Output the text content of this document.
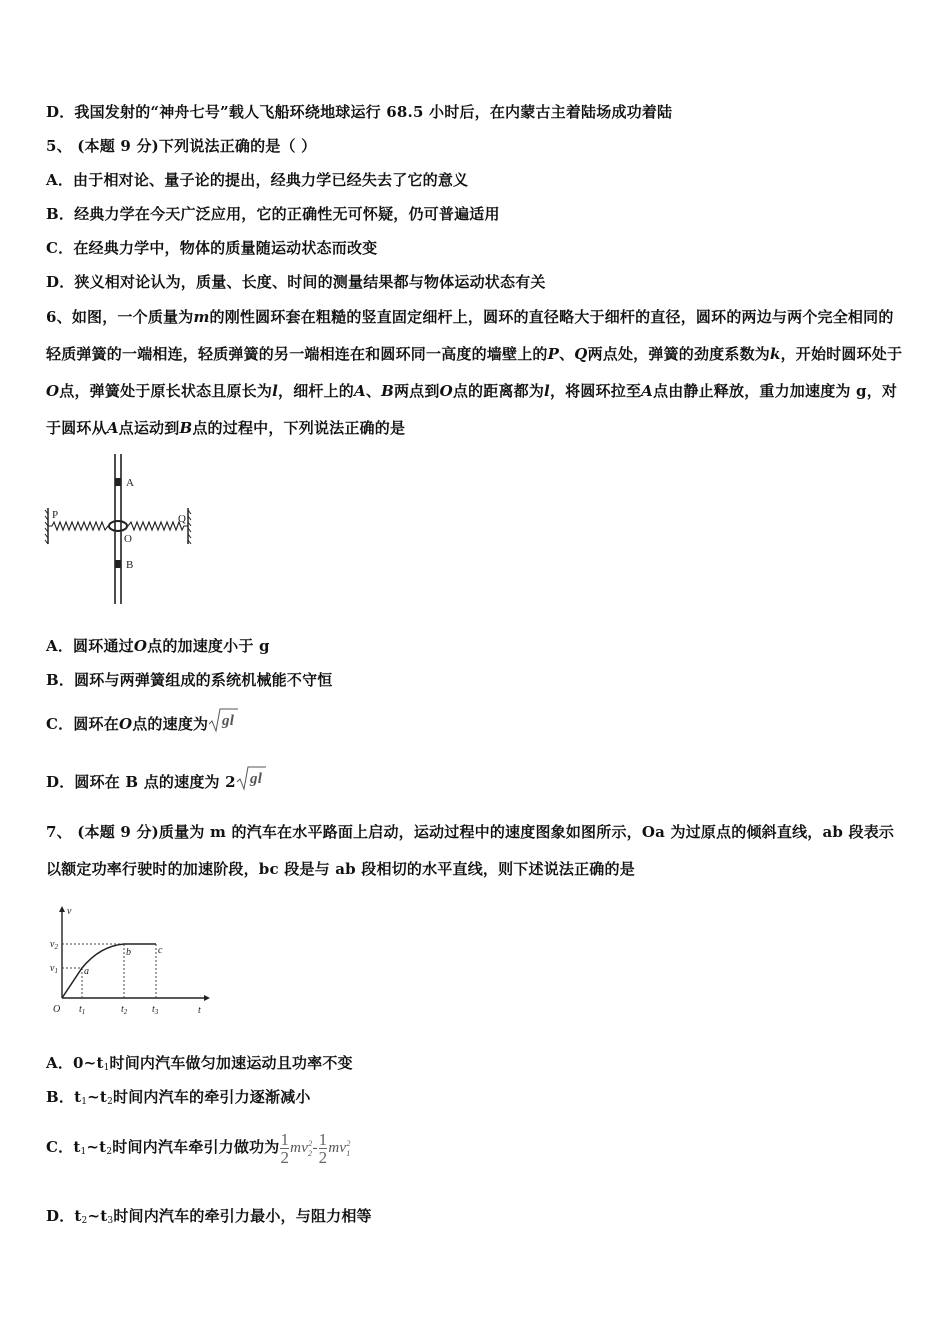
D．我国发射的“神舟七号”载人飞船环绕地球运行 68.5 小时后，在内蒙古主着陆场成功着陆
5、 (本题 9 分)下列说法正确的是（ ）
A．由于相对论、量子论的提出，经典力学已经失去了它的意义
B．经典力学在今天广泛应用，它的正确性无可怀疑，仍可普遍适用
C．在经典力学中，物体的质量随运动状态而改变
D．狭义相对论认为，质量、长度、时间的测量结果都与物体运动状态有关
6、如图，一个质量为m的刚性圆环套在粗糙的竖直固定细杆上，圆环的直径略大于细杆的直径，圆环的两边与两个完全相同的轻质弹簧的一端相连，轻质弹簧的另一端相连在和圆环同一高度的墙壁上的P、Q两点处，弹簧的劲度系数为k，开始时圆环处于O点，弹簧处于原长状态且原长为l，细杆上的A、B两点到O点的距离都为l，将圆环拉至A点由静止释放，重力加速度为 g，对于圆环从A点运动到B点的过程中，下列说法正确的是
P	Q
A
O
B
A．圆环通过O点的加速度小于 g
B．圆环与两弹簧组成的系统机械能不守恒
C．圆环在O点的速度为 gl
D．圆环在 B 点的速度为 2 gl
7、 (本题 9 分)质量为 m 的汽车在水平路面上启动，运动过程中的速度图象如图所示，Oa 为过原点的倾斜直线，ab 段表示以额定功率行驶时的加速阶段，bc 段是与 ab 段相切的水平直线，则下述说法正确的是
v
t
O
$v_1$
$v_2$
$t_1$	$t_2$ $t_3$
a
b	c
A．$0\sim t_1$时间内汽车做匀加速运动且功率不变
B．$t_1\sim t_2$时间内汽车的牵引力逐渐减小
C．$t_1\sim t_2$时间内汽车牵引力做功为 $\frac{1}{2} mv_2^2- \frac{1}{2} mv_1^2$
D．$t_2\sim t_3$时间内汽车的牵引力最小，与阻力相等
